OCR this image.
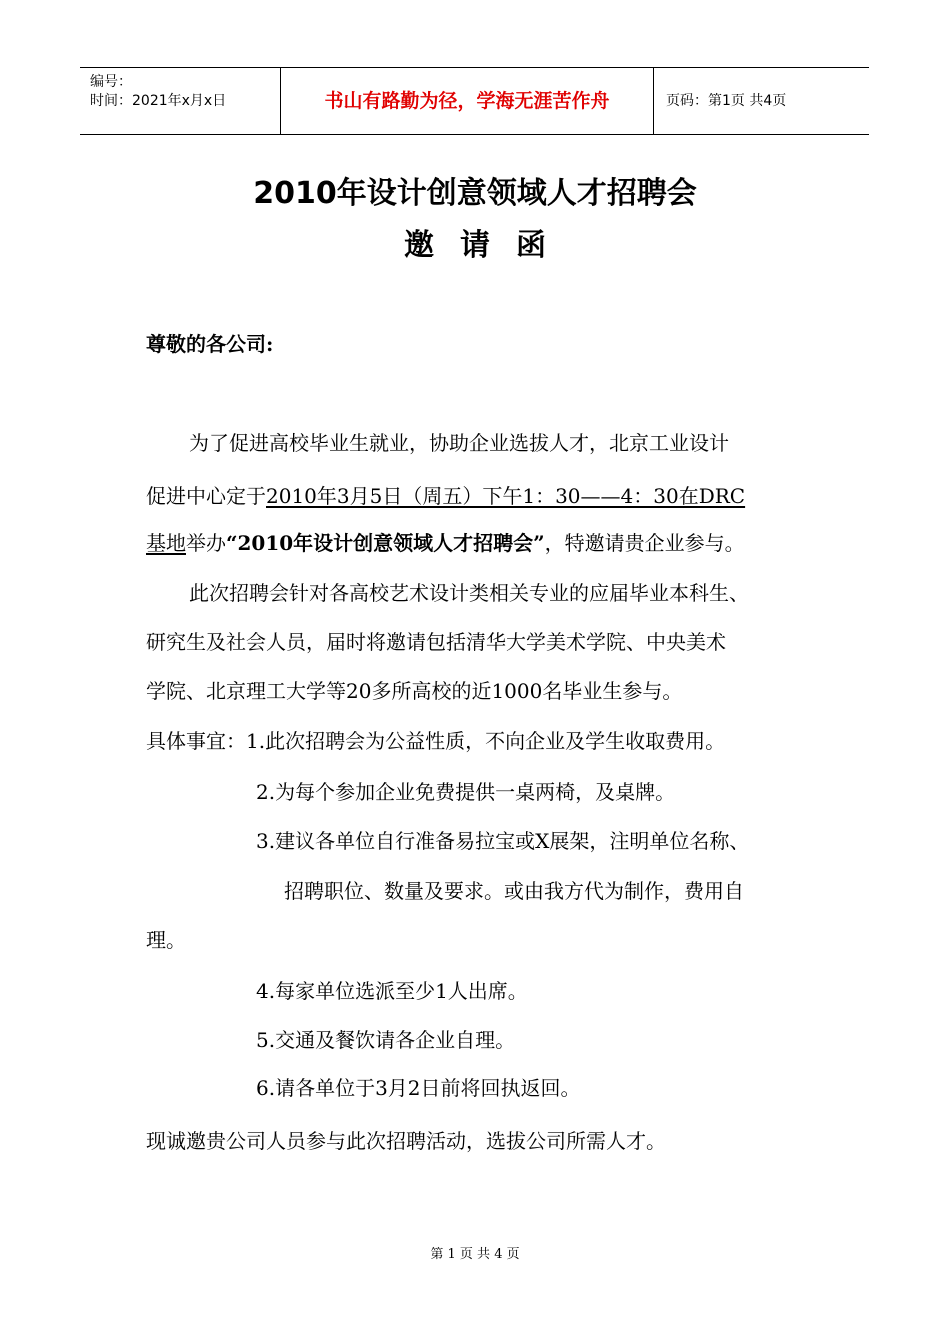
编号：
时间：2021年x月x日	书山有路勤为径，学海无涯苦作舟	页码：第1页 共4页
2010年设计创意领域人才招聘会
邀请函
尊敬的各公司:
为了促进高校毕业生就业，协助企业选拔人才，北京工业设计
促进中心定于2010年3月5日（周五）下午1：30——4：30在DRC
基地举办“2010年设计创意领域人才招聘会”，特邀请贵企业参与。
此次招聘会针对各高校艺术设计类相关专业的应届毕业本科生、
研究生及社会人员，届时将邀请包括清华大学美术学院、中央美术
学院、北京理工大学等20多所高校的近1000名毕业生参与。
具体事宜：1.此次招聘会为公益性质，不向企业及学生收取费用。
2.为每个参加企业免费提供一桌两椅，及桌牌。
3.建议各单位自行准备易拉宝或X展架，注明单位名称、
招聘职位、数量及要求。或由我方代为制作，费用自
理。
4.每家单位选派至少1人出席。
5.交通及餐饮请各企业自理。
6.请各单位于3月2日前将回执返回。
现诚邀贵公司人员参与此次招聘活动，选拔公司所需人才。
第 1 页 共 4 页
